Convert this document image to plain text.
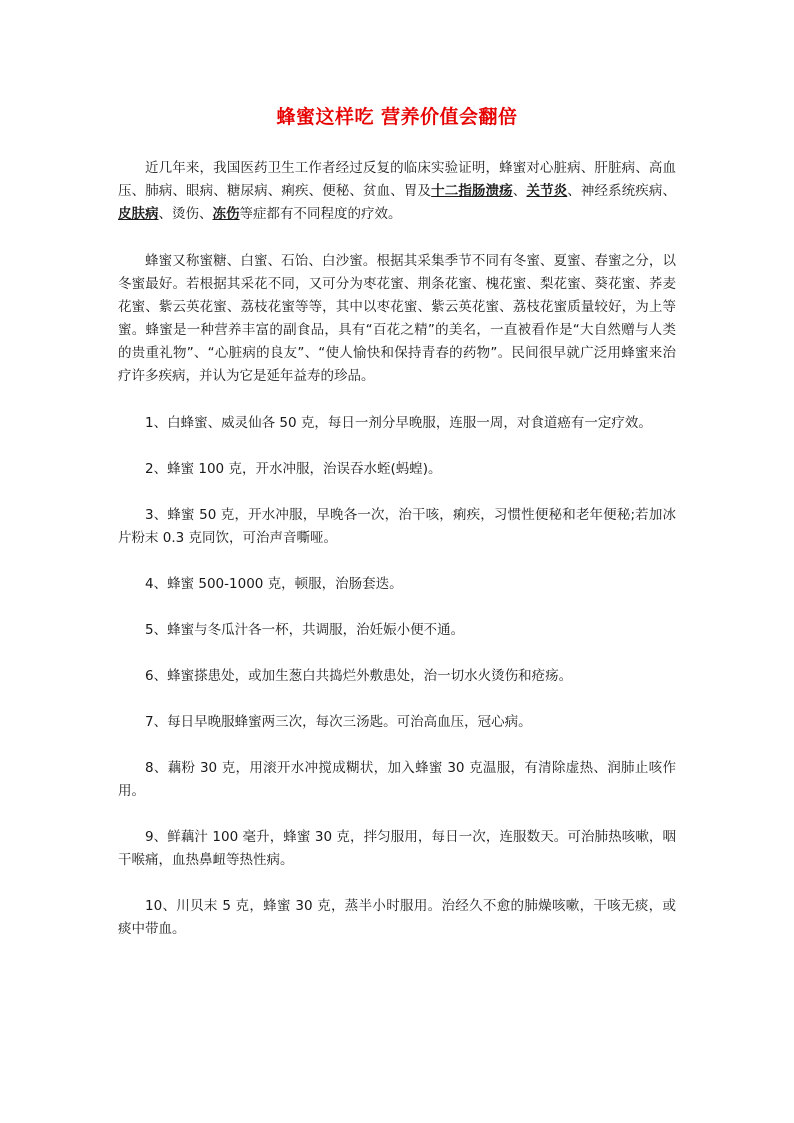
蜂蜜这样吃 营养价值会翻倍

近几年来，我国医药卫生工作者经过反复的临床实验证明，蜂蜜对心脏病、肝脏病、高血压、肺病、眼病、糖尿病、痢疾、便秘、贫血、胃及十二指肠溃疡、关节炎、神经系统疾病、皮肤病、烫伤、冻伤等症都有不同程度的疗效。

蜂蜜又称蜜糖、白蜜、石饴、白沙蜜。根据其采集季节不同有冬蜜、夏蜜、春蜜之分，以冬蜜最好。若根据其采花不同，又可分为枣花蜜、荆条花蜜、槐花蜜、梨花蜜、葵花蜜、荞麦花蜜、紫云英花蜜、荔枝花蜜等等，其中以枣花蜜、紫云英花蜜、荔枝花蜜质量较好，为上等蜜。蜂蜜是一种营养丰富的副食品，具有“百花之精”的美名，一直被看作是“大自然赠与人类的贵重礼物”、“心脏病的良友”、“使人愉快和保持青春的药物”。民间很早就广泛用蜂蜜来治疗许多疾病，并认为它是延年益寿的珍品。

1、白蜂蜜、威灵仙各 50 克，每日一剂分早晚服，连服一周，对食道癌有一定疗效。

2、蜂蜜 100 克，开水冲服，治误吞水蛭(蚂蝗)。

3、蜂蜜 50 克，开水冲服，早晚各一次，治干咳，痢疾，习惯性便秘和老年便秘;若加冰片粉末 0.3 克同饮，可治声音嘶哑。

4、蜂蜜 500-1000 克，顿服，治肠套迭。

5、蜂蜜与冬瓜汁各一杯，共调服，治妊娠小便不通。

6、蜂蜜搽患处，或加生葱白共捣烂外敷患处，治一切水火烫伤和疮疡。

7、每日早晚服蜂蜜两三次，每次三汤匙。可治高血压，冠心病。

8、藕粉 30 克，用滚开水冲搅成糊状，加入蜂蜜 30 克温服，有清除虚热、润肺止咳作用。

9、鲜藕汁 100 毫升，蜂蜜 30 克，拌匀服用，每日一次，连服数天。可治肺热咳嗽，咽干喉痛，血热鼻衄等热性病。

10、川贝末 5 克，蜂蜜 30 克，蒸半小时服用。治经久不愈的肺燥咳嗽，干咳无痰，或痰中带血。
